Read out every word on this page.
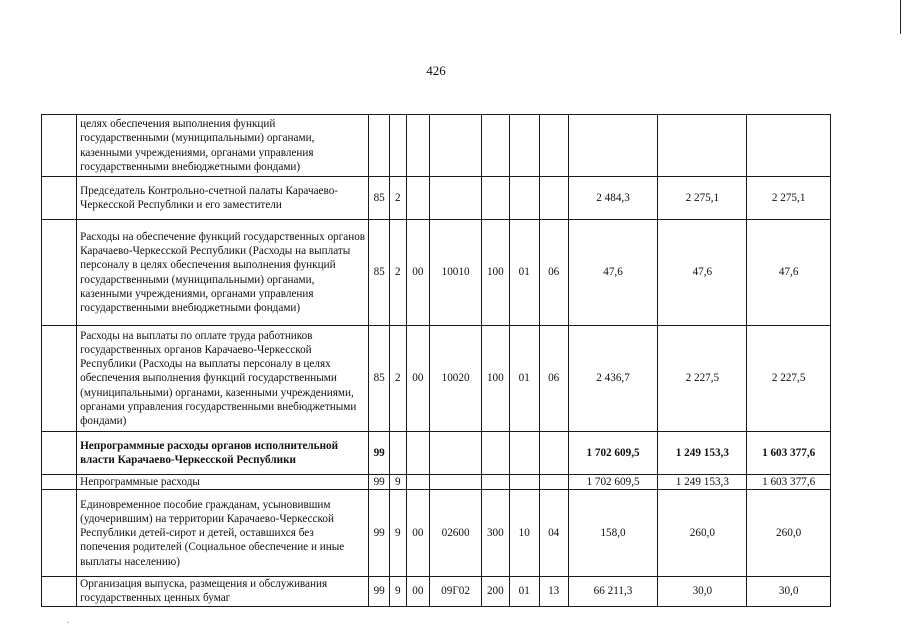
426
	целях обеспечения выполнения функций государственными (муниципальными) органами, казенными учреждениями, органами управления государственными внебюджетными фондами)										
	Председатель Контрольно-счетной палаты Карачаево-Черкесской Республики и его заместители	85	2						2 484,3	2 275,1	2 275,1
	Расходы на обеспечение функций государственных органов Карачаево-Черкесской Республики (Расходы на выплаты персоналу в целях обеспечения выполнения функций государственными (муниципальными) органами, казенными учреждениями, органами управления государственными внебюджетными фондами)	85	2	00	10010	100	01	06	47,6	47,6	47,6
	Расходы на выплаты по оплате труда работников государственных органов Карачаево-Черкесской Республики (Расходы на выплаты персоналу в целях обеспечения выполнения функций государственными (муниципальными) органами, казенными учреждениями, органами управления государственными внебюджетными фондами)	85	2	00	10020	100	01	06	2 436,7	2 227,5	2 227,5
	Непрограммные расходы органов исполнительной власти Карачаево-Черкесской Республики	99							1 702 609,5	1 249 153,3	1 603 377,6
	Непрограммные расходы	99	9						1 702 609,5	1 249 153,3	1 603 377,6
	Единовременное пособие гражданам, усыновившим (удочерившим) на территории Карачаево-Черкесской Республики детей-сирот и детей, оставшихся без попечения родителей (Социальное обеспечение и иные выплаты населению)	99	9	00	02600	300	10	04	158,0	260,0	260,0
	Организация выпуска, размещения и обслуживания государственных ценных бумаг	99	9	00	09Г02	200	01	13	66 211,3	30,0	30,0
